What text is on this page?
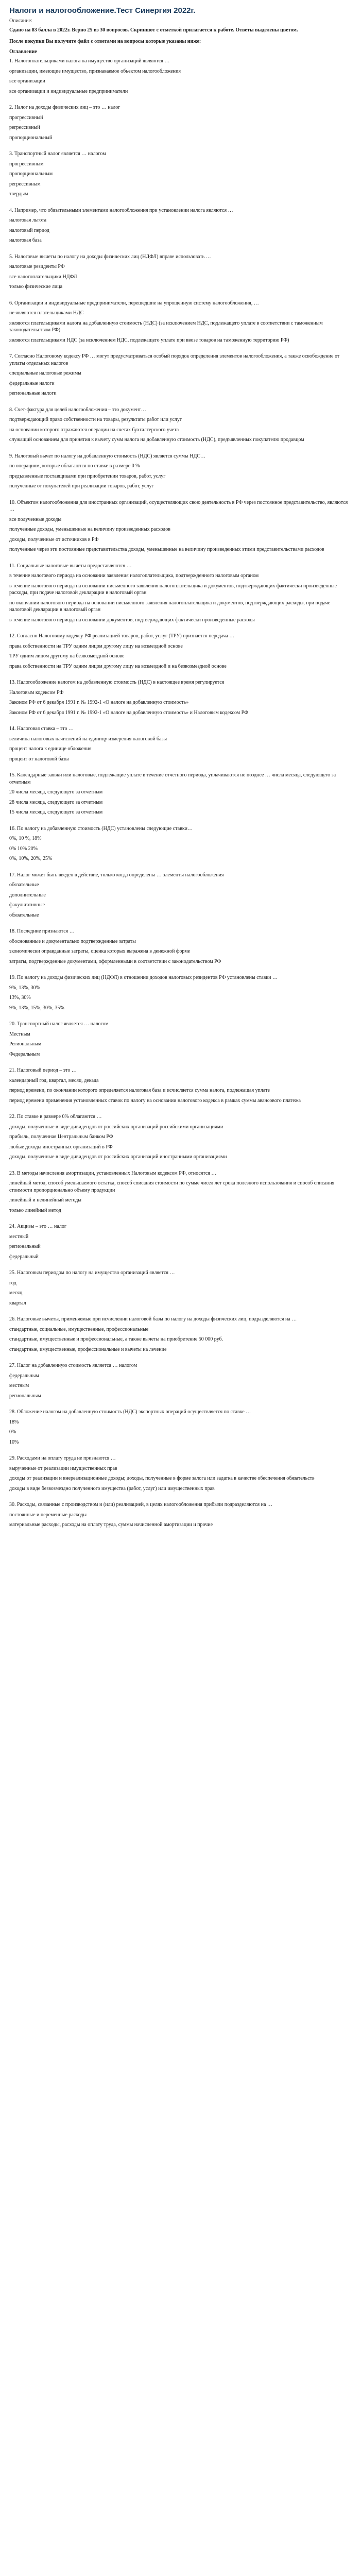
Налоги и налогообложение.Тест Синергия 2022г.
Описание:
Сдано на 83 балла в 2022г. Верно 25 из 30 вопросов. Скриншот с отметкой прилагается к работе. Ответы выделены цветом.
После покупки Вы получите файл с ответами на вопросы которые указаны ниже:
Оглавление
1. Налогоплательщиками налога на имущество организаций являются …
организации, имеющие имущество, признаваемое объектом налогообложения
все организации
все организации и индивидуальные предприниматели
2. Налог на доходы физических лиц – это … налог
прогрессивный
регрессивный
пропорциональный
3. Транспортный налог является … налогом
прогрессивным
пропорциональным
регрессивным
твердым
4. Например, что обязательными элементами налогообложения при установлении налога являются …
налоговая льгота
налоговый период
налоговая база
5. Налоговые вычеты по налогу на доходы физических лиц (НДФЛ) вправе использовать …
налоговые резиденты РФ
все налогоплательщики НДФЛ
только физические лица
6. Организации и индивидуальные предприниматели, перешедшие на упрощенную систему налогообложения, …
не являются плательщиками НДС
являются плательщиками налога на добавленную стоимость (НДС) (за исключением НДС, подлежащего уплате в соответствии с таможенным законодательством РФ)
являются плательщиками НДС (за исключением НДС, подлежащего уплате при ввозе товаров на таможенную территорию РФ)
7. Согласно Налоговому кодексу РФ … могут предусматриваться особый порядок определения элементов налогообложения, а также освобождение от уплаты отдельных налогов
специальные налоговые режимы
федеральные налоги
региональные налоги
8. Счет-фактура для целей налогообложения – это документ…
подтверждающий право собственности на товары, результаты работ или услуг
на основании которого отражаются операции на счетах бухгалтерского учета
служащий основанием для принятия к вычету сумм налога на добавленную стоимость (НДС), предъявленных покупателю продавцом
9. Налоговый вычет по налогу на добавленную стоимость (НДС) является суммы НДС…
по операциям, которые облагаются по ставке в размере 0 %
предъявленные поставщиками при приобретении товаров, работ, услуг
полученные от покупателей при реализации товаров, работ, услуг
10. Объектом налогообложения для иностранных организаций, осуществляющих свою деятельность в РФ через постоянное представительство, являются …
все полученные доходы
полученные доходы, уменьшенные на величину произведенных расходов
доходы, полученные от источников в РФ
полученные через эти постоянные представительства доходы, уменьшенные на величину произведенных этими представительствами расходов
11. Социальные налоговые вычеты предоставляются …
в течение налогового периода на основании заявления налогоплательщика, подтвержденного налоговым органом
в течение налогового периода на основании письменного заявления налогоплательщика и документов, подтверждающих фактически произведенные расходы, при подаче налоговой декларации в налоговый орган
по окончании налогового периода на основании письменного заявления налогоплательщика и документов, подтверждающих расходы, при подаче налоговой декларации в налоговый орган
в течение налогового периода на основании документов, подтверждающих фактически произведенные расходы
12. Согласно Налоговому кодексу РФ реализацией товаров, работ, услуг (ТРУ) признается передача …
права собственности на ТРУ одним лицом другому лицу на возмездной основе
ТРУ одним лицом другому на безвозмездной основе
права собственности на ТРУ одним лицом другому лицу на возмездной и на безвозмездной основе
13. Налогообложение налогом на добавленную стоимость (НДС) в настоящее время регулируется
Налоговым кодексом РФ
Законом РФ от 6 декабря 1991 г. № 1992-1 «О налоге на добавленную стоимость»
Законом РФ от 6 декабря 1991 г. № 1992-1 «О налоге на добавленную стоимость» и Налоговым кодексом РФ
14. Налоговая ставка – это …
величина налоговых начислений на единицу измерения налоговой базы
процент налога к единице обложения
процент от налоговой базы
15. Календарные заявки или налоговые, подлежащие уплате в течение отчетного периода, уплачиваются не позднее … числа месяца, следующего за отчетным
20 числа месяца, следующего за отчетным
28 числа месяца, следующего за отчетным
15 числа месяца, следующего за отчетным
16. По налогу на добавленную стоимость (НДС) установлены следующие ставки…
0%, 10 %, 18%
0% 10% 20%
0%, 10%, 20%, 25%
17. Налог может быть введен в действие, только когда определены … элементы налогообложения
обязательные
дополнительные
факультативные
обязательные
18. Последние признаются …
обоснованные и документально подтвержденные затраты
экономически оправданные затраты, оценка которых выражена в денежной форме
затраты, подтвержденные документами, оформленными в соответствии с законодательством РФ
19. По налогу на доходы физических лиц (НДФЛ) в отношении доходов налоговых резидентов РФ установлены ставки …
9%, 13%, 30%
13%, 30%
9%, 13%, 15%, 30%, 35%
20. Транспортный налог является … налогом
Местным
Региональным
Федеральным
21. Налоговый период – это …
календарный год, квартал, месяц, декада
период времени, по окончании которого определяется налоговая база и исчисляется сумма налога, подлежащая уплате
период времени применения установленных ставок по налогу на основании налогового кодекса в рамках суммы авансового платежа
22. По ставке в размере 0% облагаются …
доходы, полученные в виде дивидендов от российских организаций российскими организациями
прибыль, полученная Центральным банком РФ
любые доходы иностранных организаций в РФ
доходы, полученные в виде дивидендов от российских организаций иностранными организациями
23. В методы начисления амортизации, установленных Налоговым кодексом РФ, относятся …
линейный метод, способ уменьшаемого остатка, способ списания стоимости по сумме чисел лет срока полезного использования и способ списания стоимости пропорционально объему продукции
линейный и нелинейный методы
только линейный метод
24. Акцизы – это … налог
местный
региональный
федеральный
25. Налоговым периодом по налогу на имущество организаций является …
год
месяц
квартал
26. Налоговые вычеты, применяемые при исчислении налоговой базы по налогу на доходы физических лиц, подразделяются на …
стандартные, социальные, имущественные, профессиональные
стандартные, имущественные и профессиональные, а также вычеты на приобретение 50 000 руб.
стандартные, имущественные, профессиональные и вычеты на лечение
27. Налог на добавленную стоимость является … налогом
федеральным
местным
региональным
28. Обложение налогом на добавленную стоимость (НДС) экспортных операций осуществляется по ставке …
18%
0%
10%
29. Расходами на оплату труда не признаются …
вырученные от реализации имущественных прав
доходы от реализации и внереализационные доходы; доходы, полученные в форме залога или задатка в качестве обеспечения обязательств
доходы в виде безвозмездно полученного имущества (работ, услуг) или имущественных прав
30. Расходы, связанные с производством и (или) реализацией, в целях налогообложения прибыли подразделяются на …
постоянные и переменные расходы
материальные расходы, расходы на оплату труда, суммы начисленной амортизации и прочие
